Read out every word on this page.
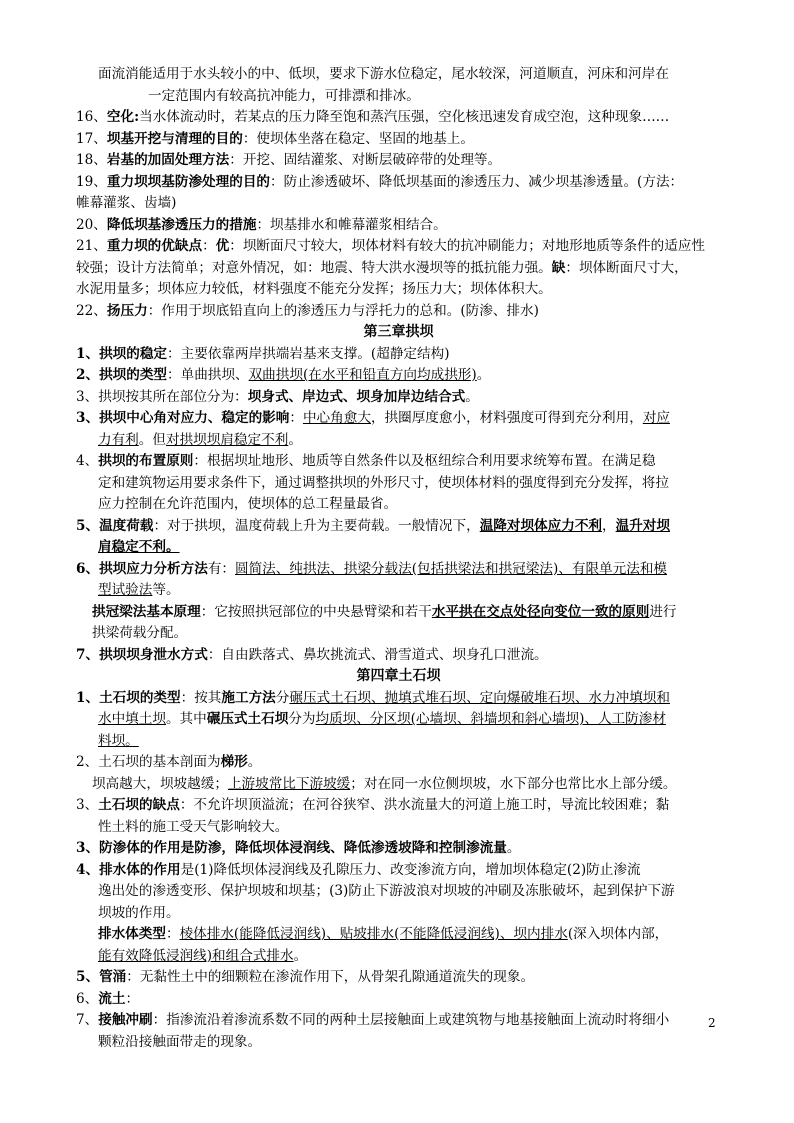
面流消能适用于水头较小的中、低坝，要求下游水位稳定，尾水较深，河道顺直，河床和河岸在
一定范围内有较高抗冲能力，可排漂和排冰。
16、空化:当水体流动时，若某点的压力降至饱和蒸汽压强，空化核迅速发育成空泡，这种现象……
17、坝基开挖与清理的目的：使坝体坐落在稳定、坚固的地基上。
18、岩基的加固处理方法：开挖、固结灌浆、对断层破碎带的处理等。
19、重力坝坝基防渗处理的目的：防止渗透破坏、降低坝基面的渗透压力、减少坝基渗透量。(方法：
帷幕灌浆、齿墙)
20、降低坝基渗透压力的措施：坝基排水和帷幕灌浆相结合。
21、重力坝的优缺点：优：坝断面尺寸较大，坝体材料有较大的抗冲刷能力；对地形地质等条件的适应性
较强；设计方法简单；对意外情况，如：地震、特大洪水漫坝等的抵抗能力强。缺：坝体断面尺寸大，
水泥用量多；坝体应力较低，材料强度不能充分发挥；扬压力大；坝体体积大。
22、扬压力：作用于坝底铅直向上的渗透压力与浮托力的总和。(防渗、排水)
第三章拱坝
1、拱坝的稳定：主要依靠两岸拱端岩基来支撑。(超静定结构)
2、拱坝的类型：单曲拱坝、双曲拱坝(在水平和铅直方向均成拱形)。
3、拱坝按其所在部位分为：坝身式、岸边式、坝身加岸边结合式。
3、拱坝中心角对应力、稳定的影响：中心角愈大，拱圈厚度愈小，材料强度可得到充分利用，对应
力有利。但对拱坝坝肩稳定不利。
4、拱坝的布置原则：根据坝址地形、地质等自然条件以及枢纽综合利用要求统筹布置。在满足稳
定和建筑物运用要求条件下，通过调整拱坝的外形尺寸，使坝体材料的强度得到充分发挥，将拉
应力控制在允许范围内，使坝体的总工程量最省。
5、温度荷载：对于拱坝，温度荷载上升为主要荷载。一般情况下，温降对坝体应力不利，温升对坝
肩稳定不利。
6、拱坝应力分析方法有：圆简法、纯拱法、拱梁分载法(包括拱梁法和拱冠梁法)、有限单元法和模
型试验法等。
拱冠梁法基本原理：它按照拱冠部位的中央悬臂梁和若干水平拱在交点处径向变位一致的原则进行
拱梁荷载分配。
7、拱坝坝身泄水方式：自由跌落式、鼻坎挑流式、滑雪道式、坝身孔口泄流。
第四章土石坝
1、土石坝的类型：按其施工方法分碾压式土石坝、抛填式堆石坝、定向爆破堆石坝、水力冲填坝和
水中填土坝。其中碾压式土石坝分为均质坝、分区坝(心墙坝、斜墙坝和斜心墙坝)、人工防渗材
料坝。
2、土石坝的基本剖面为梯形。
坝高越大，坝坡越缓；上游坡常比下游坡缓；对在同一水位侧坝坡，水下部分也常比水上部分缓。
3、土石坝的缺点：不允许坝顶溢流；在河谷狭窄、洪水流量大的河道上施工时，导流比较困难；黏
性土料的施工受天气影响较大。
3、防渗体的作用是防渗，降低坝体浸润线、降低渗透坡降和控制渗流量。
4、排水体的作用是(1)降低坝体浸润线及孔隙压力、改变渗流方向，增加坝体稳定(2)防止渗流
逸出处的渗透变形、保护坝坡和坝基；(3)防止下游波浪对坝坡的冲刷及冻胀破坏，起到保护下游
坝坡的作用。
排水体类型：棱体排水(能降低浸润线)、贴坡排水(不能降低浸润线)、坝内排水(深入坝体内部，
能有效降低浸润线)和组合式排水。
5、管涌：无黏性土中的细颗粒在渗流作用下，从骨架孔隙通道流失的现象。
6、流土：
7、接触冲刷：指渗流沿着渗流系数不同的两种土层接触面上或建筑物与地基接触面上流动时将细小
颗粒沿接触面带走的现象。
2
